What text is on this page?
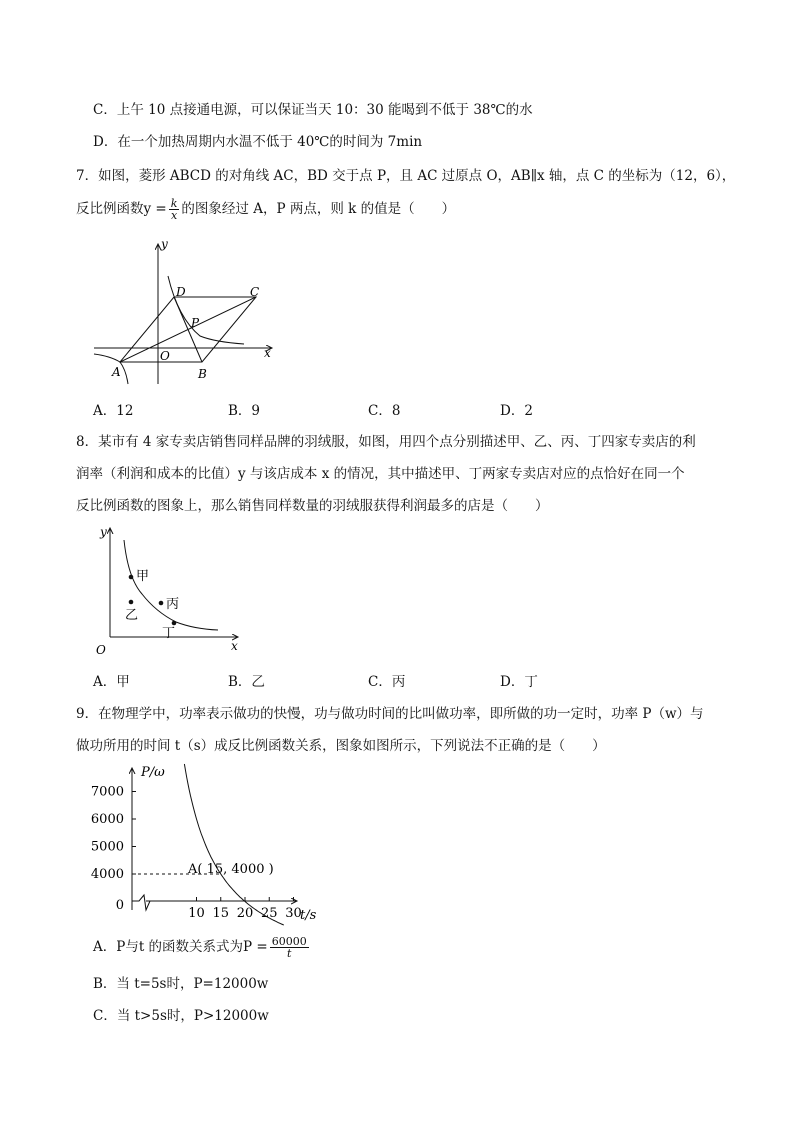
C．上午 10 点接通电源，可以保证当天 10：30 能喝到不低于 38℃的水
D．在一个加热周期内水温不低于 40℃的时间为 7min
7．如图，菱形 ABCD 的对角线 AC，BD 交于点 P，且 AC 过原点 O，AB∥x 轴，点 C 的坐标为（12，6），
反比例函数$y = \frac{k}{x}$ 的图象经过 A，P 两点，则 k 的值是（　　）
y
x
O
A	B
C
D
P
A．12	B．9	C．8	D．2
8．某市有 4 家专卖店销售同样品牌的羽绒服，如图，用四个点分别描述甲、乙、丙、丁四家专卖店的利
润率（利润和成本的比值）y 与该店成本 x 的情况，其中描述甲、丁两家专卖店对应的点恰好在同一个
反比例函数的图象上，那么销售同样数量的羽绒服获得利润最多的店是（　　）
甲
乙
丙
丁
y
x
O
A．甲	B．乙	C．丙	D．丁
9．在物理学中，功率表示做功的快慢，功与做功时间的比叫做功率，即所做的功一定时，功率 P（w）与
做功所用的时间 t（s）成反比例函数关系，图象如图所示，下列说法不正确的是（　　）
7000
6000
5000
4000
0
10 15 20 25 30
P/ω
t/s
A( 15, 4000 )
A．P与t 的函数关系式为$P = \frac{60000}{t}$
B．当 t=5s时，P=12000w
C．当 t>5s时，P>12000w
